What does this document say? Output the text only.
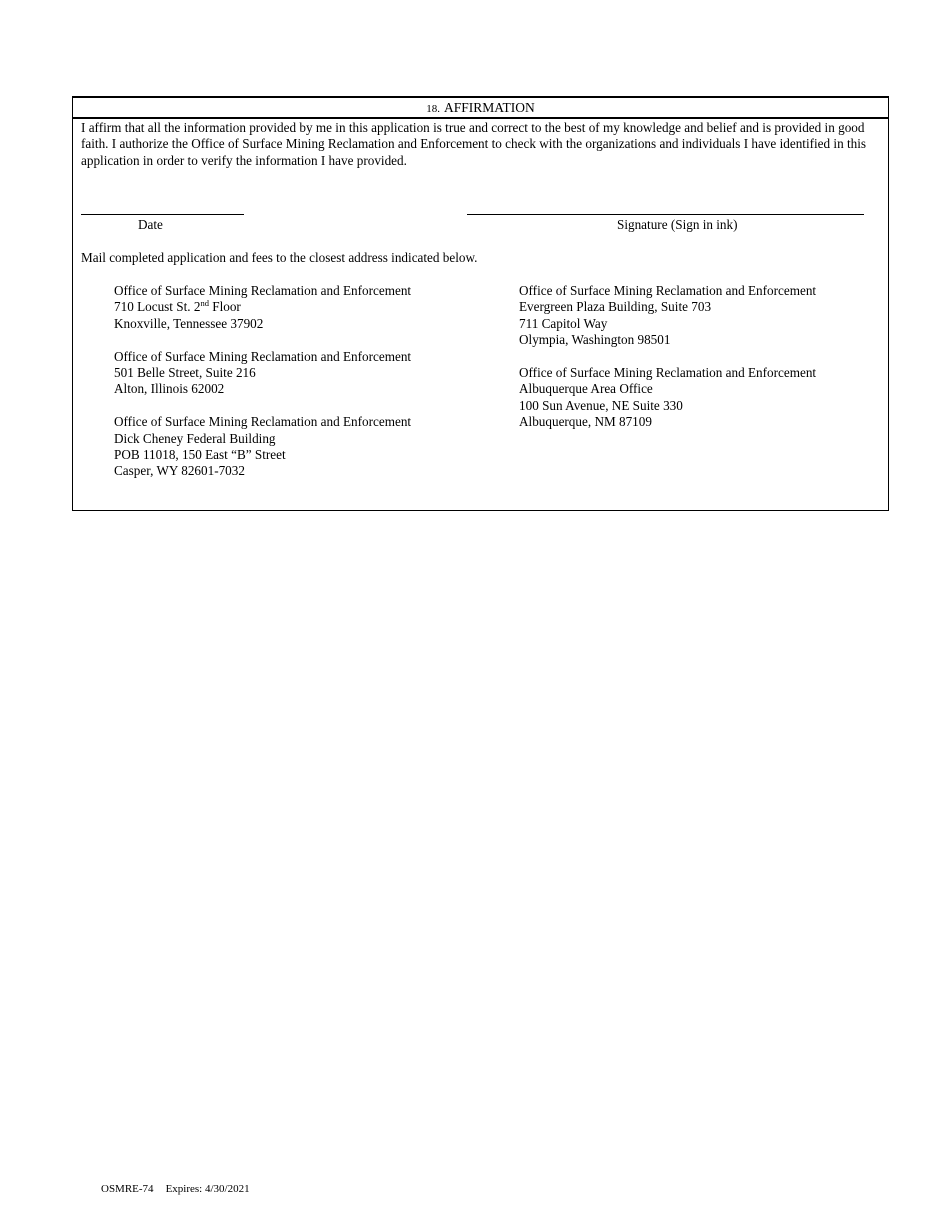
18. AFFIRMATION

I affirm that all the information provided by me in this application is true and correct to the best of my knowledge and belief and is provided in good faith. I authorize the Office of Surface Mining Reclamation and Enforcement to check with the organizations and individuals I have identified in this application in order to verify the information I have provided.

Date	Signature (Sign in ink)
Mail completed application and fees to the closest address indicated below.
Office of Surface Mining Reclamation and Enforcement
710 Locust St. 2nd Floor
Knoxville, Tennessee 37902
Office of Surface Mining Reclamation and Enforcement
501 Belle Street, Suite 216
Alton, Illinois 62002
Office of Surface Mining Reclamation and Enforcement
Dick Cheney Federal Building
POB 11018, 150 East “B” Street
Casper, WY 82601-7032
Office of Surface Mining Reclamation and Enforcement
Evergreen Plaza Building, Suite 703
711 Capitol Way
Olympia, Washington 98501
Office of Surface Mining Reclamation and Enforcement
Albuquerque Area Office
100 Sun Avenue, NE Suite 330
Albuquerque, NM 87109
OSMRE-74 Expires: 4/30/2021
